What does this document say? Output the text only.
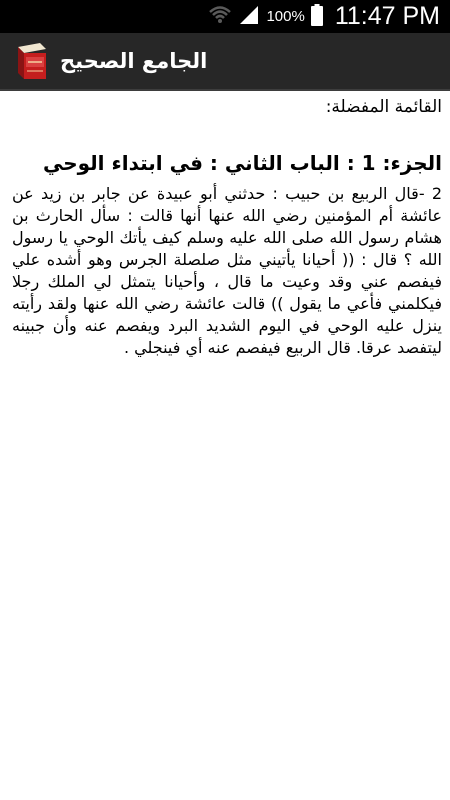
100% 11:47 PM
الجامع الصحيح
القائمة المفضلة:
الجزء: 1 : الباب الثاني : في ابتداء الوحي
2 -قال الربيع بن حبيب : حدثني أبو عبيدة عن جابر بن زيد عن عائشة أم المؤمنين رضي الله عنها أنها قالت : سأل الحارث بن هشام رسول الله صلى الله عليه وسلم كيف يأتك الوحي يا رسول الله ؟ قال : (( أحيانا يأتيني مثل صلصلة الجرس وهو أشده علي فيفصم عني وقد وعيت ما قال ، وأحيانا يتمثل لي الملك رجلا فيكلمني فأعي ما يقول )) قالت عائشة رضي الله عنها ولقد رأيته ينزل عليه الوحي في اليوم الشديد البرد ويفصم عنه وأن جبينه ليتفصد عرقا. قال الربيع فيفصم عنه أي فينجلي .
